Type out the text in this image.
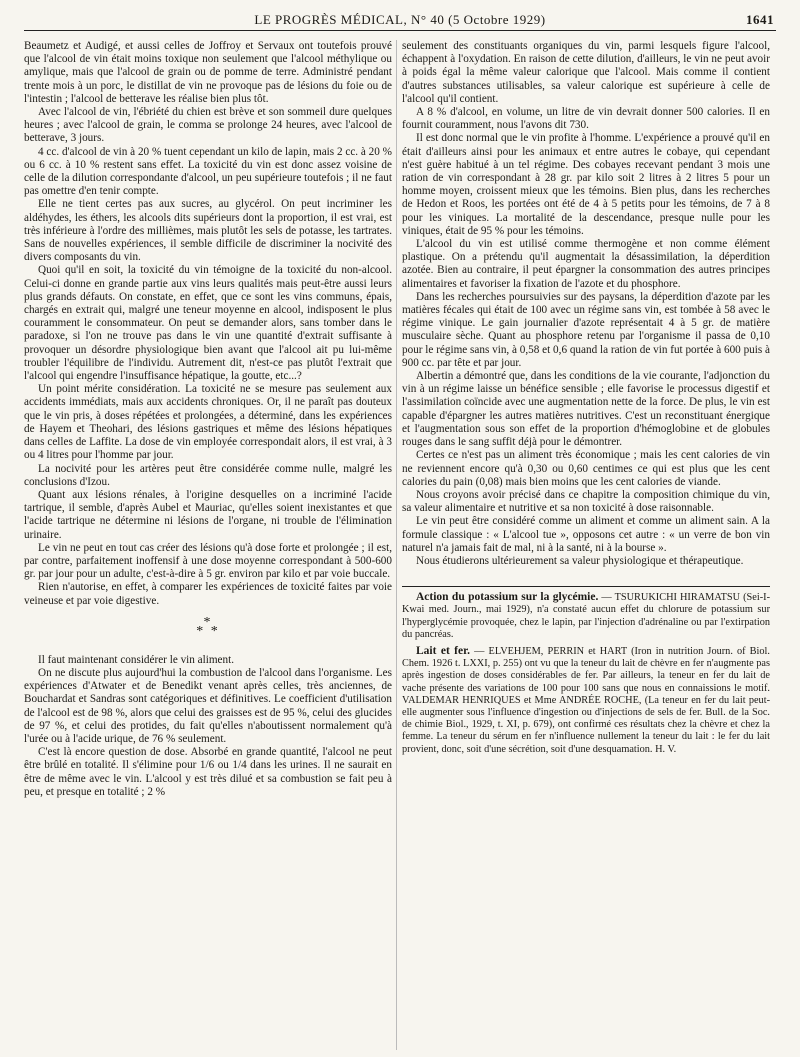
LE PROGRÈS MÉDICAL, N° 40 (5 Octobre 1929)	1641

Beaumetz et Audigé, et aussi celles de Joffroy et Servaux ont toutefois prouvé que l'alcool de vin était moins toxique non seulement que l'alcool méthylique ou amylique, mais que l'alcool de grain ou de pomme de terre. Administré pendant trente mois à un porc, le distillat de vin ne provoque pas de lésions du foie ou de l'intestin ; l'alcool de betterave les réalise bien plus tôt.

Avec l'alcool de vin, l'ébriété du chien est brève et son sommeil dure quelques heures ; avec l'alcool de grain, le comma se prolonge 24 heures, avec l'alcool de betterave, 3 jours.

4 cc. d'alcool de vin à 20 % tuent cependant un kilo de lapin, mais 2 cc. à 20 % ou 6 cc. à 10 % restent sans effet. La toxicité du vin est donc assez voisine de celle de la dilution correspondante d'alcool, un peu supérieure toutefois ; il ne faut pas omettre d'en tenir compte.

Elle ne tient certes pas aux sucres, au glycérol. On peut incriminer les aldéhydes, les éthers, les alcools dits supérieurs dont la proportion, il est vrai, est très inférieure à l'ordre des millièmes, mais plutôt les sels de potasse, les tartrates. Sans de nouvelles expériences, il semble difficile de discriminer la nocivité des divers composants du vin.

Quoi qu'il en soit, la toxicité du vin témoigne de la toxicité du non-alcool. Celui-ci donne en grande partie aux vins leurs qualités mais peut-être aussi leurs plus grands défauts. On constate, en effet, que ce sont les vins communs, épais, chargés en extrait qui, malgré une teneur moyenne en alcool, indisposent le plus couramment le consommateur. On peut se demander alors, sans tomber dans le paradoxe, si l'on ne trouve pas dans le vin une quantité d'extrait suffisante à provoquer un désordre physiologique bien avant que l'alcool ait pu lui-même troubler l'équilibre de l'individu. Autrement dit, n'est-ce pas plutôt l'extrait que l'alcool qui engendre l'insuffisance hépatique, la goutte, etc...?

Un point mérite considération. La toxicité ne se mesure pas seulement aux accidents immédiats, mais aux accidents chroniques. Or, il ne paraît pas douteux que le vin pris, à doses répétées et prolongées, a déterminé, dans les expériences de Hayem et Theohari, des lésions gastriques et même des lésions hépatiques dans celles de Laffite. La dose de vin employée correspondait alors, il est vrai, à 3 ou 4 litres pour l'homme par jour.

La nocivité pour les artères peut être considérée comme nulle, malgré les conclusions d'Izou.

Quant aux lésions rénales, à l'origine desquelles on a incriminé l'acide tartrique, il semble, d'après Aubel et Mauriac, qu'elles soient inexistantes et que l'acide tartrique ne détermine ni lésions de l'organe, ni trouble de l'élimination urinaire.

Le vin ne peut en tout cas créer des lésions qu'à dose forte et prolongée ; il est, par contre, parfaitement inoffensif à une dose moyenne correspondant à 500-600 gr. par jour pour un adulte, c'est-à-dire à 5 gr. environ par kilo et par voie buccale.

Rien n'autorise, en effet, à comparer les expériences de toxicité faites par voie veineuse et par voie digestive.

*
* *

Il faut maintenant considérer le vin aliment.

On ne discute plus aujourd'hui la combustion de l'alcool dans l'organisme. Les expériences d'Atwater et de Benedikt venant après celles, très anciennes, de Bouchardat et Sandras sont catégoriques et définitives. Le coefficient d'utilisation de l'alcool est de 98 %, alors que celui des graisses est de 95 %, celui des glucides de 97 %, et celui des protides, du fait qu'elles n'aboutissent normalement qu'à l'urée ou à l'acide urique, de 76 % seulement.

C'est là encore question de dose. Absorbé en grande quantité, l'alcool ne peut être brûlé en totalité. Il s'élimine pour 1/6 ou 1/4 dans les urines. Il ne saurait en être de même avec le vin. L'alcool y est très dilué et sa combustion se fait peu à peu, et presque en totalité ; 2 %

seulement des constituants organiques du vin, parmi lesquels figure l'alcool, échappent à l'oxydation. En raison de cette dilution, d'ailleurs, le vin ne peut avoir à poids égal la même valeur calorique que l'alcool. Mais comme il contient d'autres substances utilisables, sa valeur calorique est supérieure à celle de l'alcool qu'il contient.

A 8 % d'alcool, en volume, un litre de vin devrait donner 500 calories. Il en fournit couramment, nous l'avons dit 730.

Il est donc normal que le vin profite à l'homme. L'expérience a prouvé qu'il en était d'ailleurs ainsi pour les animaux et entre autres le cobaye, qui cependant n'est guère habitué à un tel régime. Des cobayes recevant pendant 3 mois une ration de vin correspondant à 28 gr. par kilo soit 2 litres à 2 litres 5 pour un homme moyen, croissent mieux que les témoins. Bien plus, dans les recherches de Hedon et Roos, les portées ont été de 4 à 5 petits pour les témoins, de 7 à 8 pour les viniques. La mortalité de la descendance, presque nulle pour les viniques, était de 95 % pour les témoins.

L'alcool du vin est utilisé comme thermogène et non comme élément plastique. On a prétendu qu'il augmentait la désassimilation, la déperdition azotée. Bien au contraire, il peut épargner la consommation des autres principes alimentaires et favoriser la fixation de l'azote et du phosphore.

Dans les recherches poursuivies sur des paysans, la déperdition d'azote par les matières fécales qui était de 100 avec un régime sans vin, est tombée à 58 avec le régime vinique. Le gain journalier d'azote représentait 4 à 5 gr. de matière musculaire sèche. Quant au phosphore retenu par l'organisme il passa de 0,10 pour le régime sans vin, à 0,58 et 0,6 quand la ration de vin fut portée à 600 puis à 900 cc. par tête et par jour.

Albertin a démontré que, dans les conditions de la vie courante, l'adjonction du vin à un régime laisse un bénéfice sensible ; elle favorise le processus digestif et l'assimilation coïncide avec une augmentation nette de la force. De plus, le vin est capable d'épargner les autres matières nutritives. C'est un reconstituant énergique et l'augmentation sous son effet de la proportion d'hémoglobine et de globules rouges dans le sang suffit déjà pour le démontrer.

Certes ce n'est pas un aliment très économique ; mais les cent calories de vin ne reviennent encore qu'à 0,30 ou 0,60 centimes ce qui est plus que les cent calories du pain (0,08) mais bien moins que les cent calories de viande.

Nous croyons avoir précisé dans ce chapitre la composition chimique du vin, sa valeur alimentaire et nutritive et sa non toxicité à dose raisonnable.

Le vin peut être considéré comme un aliment et comme un aliment sain. A la formule classique : « L'alcool tue », opposons cet autre : « un verre de bon vin naturel n'a jamais fait de mal, ni à la santé, ni à la bourse ».

Nous étudierons ultérieurement sa valeur physiologique et thérapeutique.

Action du potassium sur la glycémie. — TSURUKICHI HIRAMATSU (Sei-I- Kwai med. Journ., mai 1929), n'a constaté aucun effet du chlorure de potassium sur l'hyperglycémie provoquée, chez le lapin, par l'injection d'adrénaline ou par l'extirpation du pancréas.

Lait et fer. — ELVEHJEM, PERRIN et HART (Iron in nutrition Journ. of Biol. Chem. 1926 t. LXXI, p. 255) ont vu que la teneur du lait de chèvre en fer n'augmente pas après ingestion de doses considérables de fer. Par ailleurs, la teneur en fer du lait de vache présente des variations de 100 pour 100 sans que nous en connaissions le motif. VALDEMAR HENRIQUES et Mme ANDRÉE ROCHE, (La teneur en fer du lait peut-elle augmenter sous l'influence d'ingestion ou d'injections de sels de fer. Bull. de la Soc. de chimie Biol., 1929, t. XI, p. 679), ont confirmé ces résultats chez la chèvre et chez la femme. La teneur du sérum en fer n'influence nullement la teneur du lait : le fer du lait provient, donc, soit d'une sécrétion, soit d'une desquamation. H. V.
